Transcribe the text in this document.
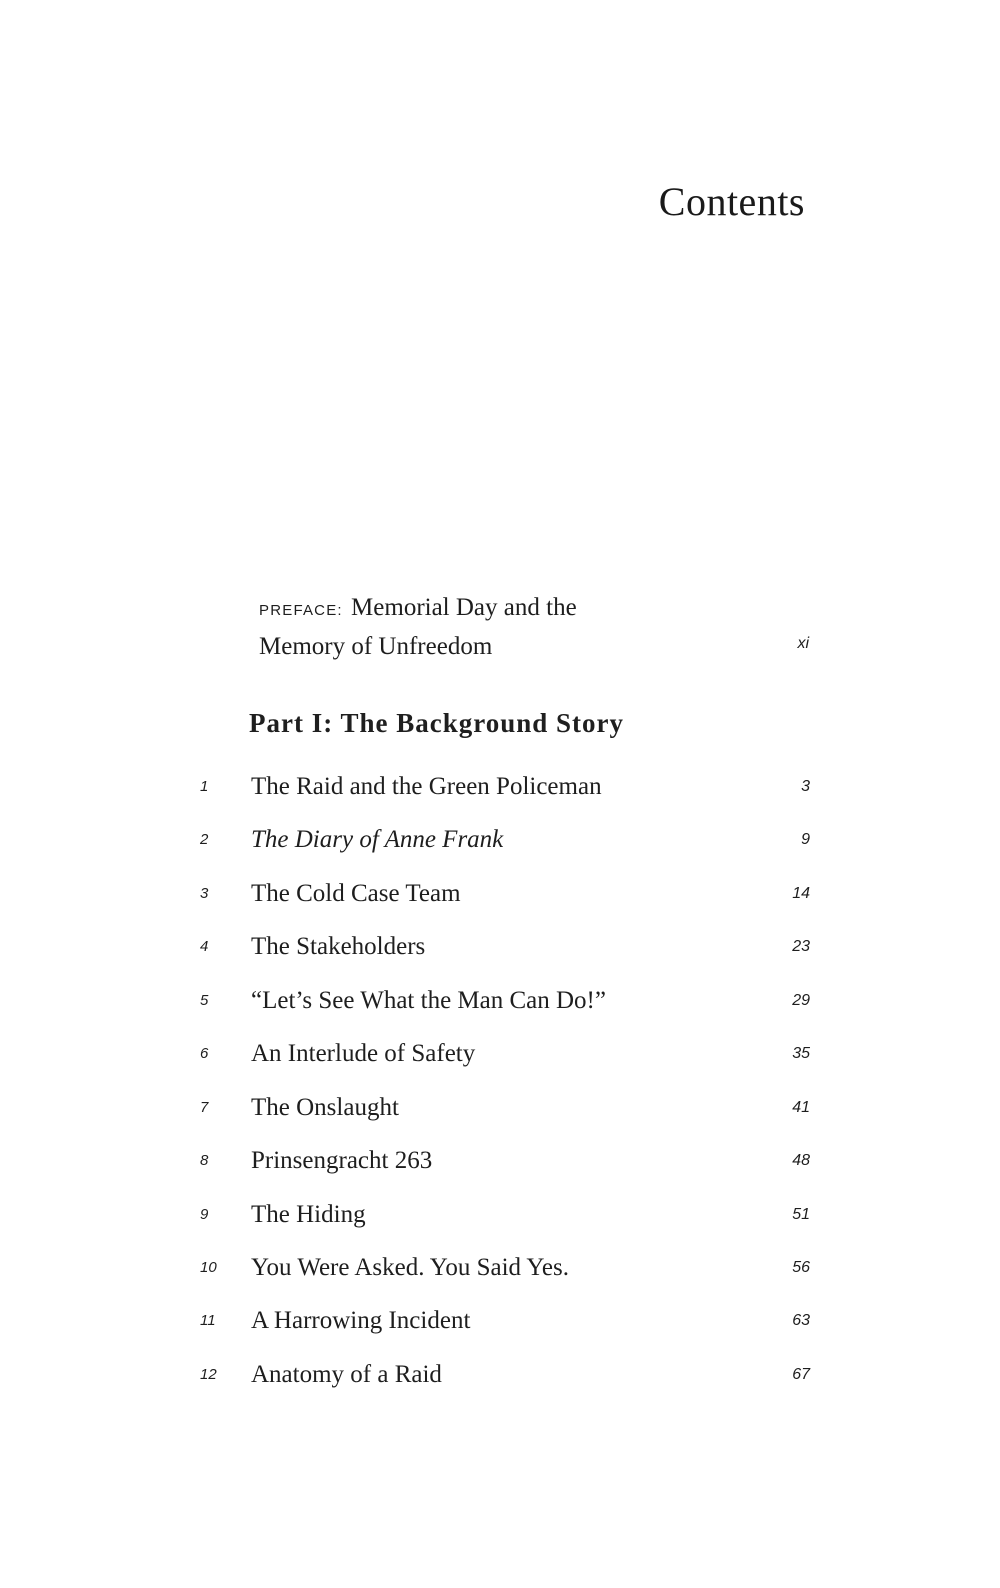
Contents
PREFACE: Memorial Day and the
Memory of Unfreedom	xi
Part I: The Background Story
1	The Raid and the Green Policeman	3
2	The Diary of Anne Frank	9
3	The Cold Case Team	14
4	The Stakeholders	23
5	“Let’s See What the Man Can Do!”	29
6	An Interlude of Safety	35
7	The Onslaught	41
8	Prinsengracht 263	48
9	The Hiding	51
10	You Were Asked. You Said Yes.	56
11	A Harrowing Incident	63
12	Anatomy of a Raid	67
